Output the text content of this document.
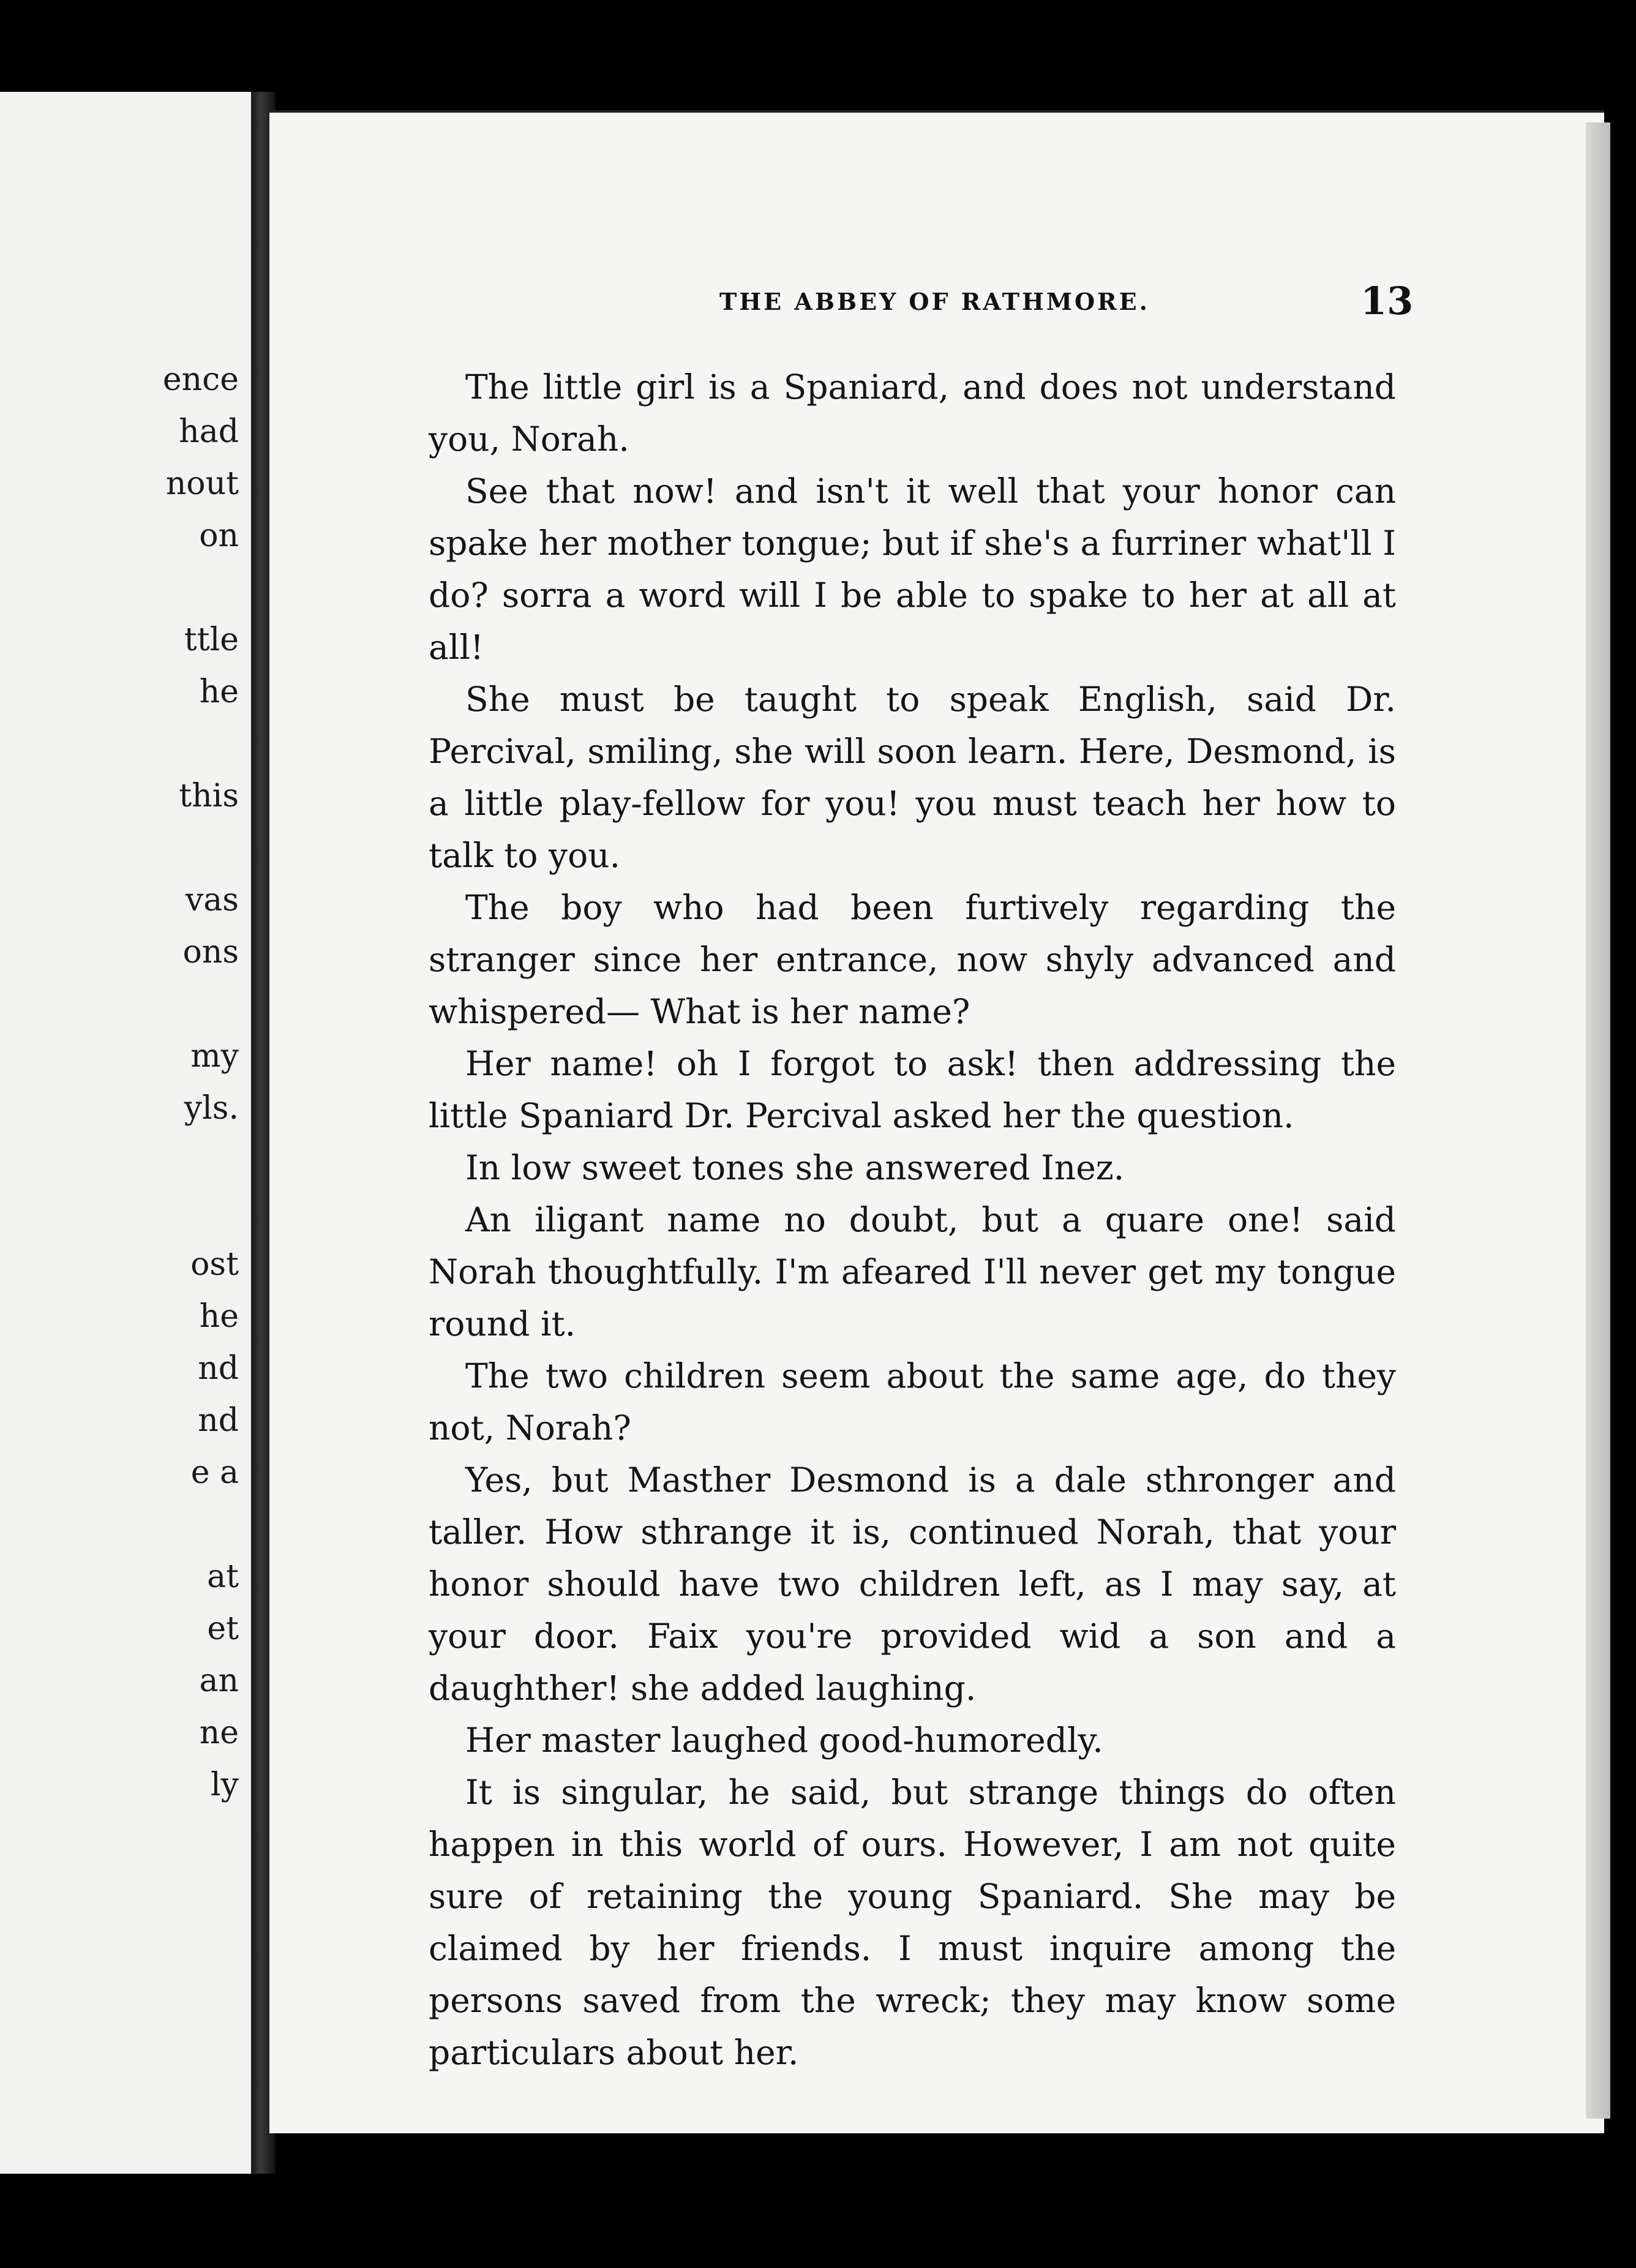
ence
had
nout
on
ttle
he
this
vas
ons
my
yls.
ost
he
nd
nd
e a
at
et
an
ne
ly
THE ABBEY OF RATHMORE.	13

The little girl is a Spaniard, and does not understand you, Norah.

See that now! and isn't it well that your honor can spake her mother tongue; but if she's a furriner what'll I do? sorra a word will I be able to spake to her at all at all!

She must be taught to speak English, said Dr. Percival, smiling, she will soon learn. Here, Desmond, is a little play-fellow for you! you must teach her how to talk to you.

The boy who had been furtively regarding the stranger since her entrance, now shyly advanced and whispered— What is her name?

Her name! oh I forgot to ask! then addressing the little Spaniard Dr. Percival asked her the question.

In low sweet tones she answered Inez.

An iligant name no doubt, but a quare one! said Norah thoughtfully. I'm afeared I'll never get my tongue round it.

The two children seem about the same age, do they not, Norah?

Yes, but Masther Desmond is a dale sthronger and taller. How sthrange it is, continued Norah, that your honor should have two children left, as I may say, at your door. Faix you're provided wid a son and a daughther! she added laughing.

Her master laughed good-humoredly.

It is singular, he said, but strange things do often happen in this world of ours. However, I am not quite sure of retaining the young Spaniard. She may be claimed by her friends. I must inquire among the persons saved from the wreck; they may know some particulars about her.
